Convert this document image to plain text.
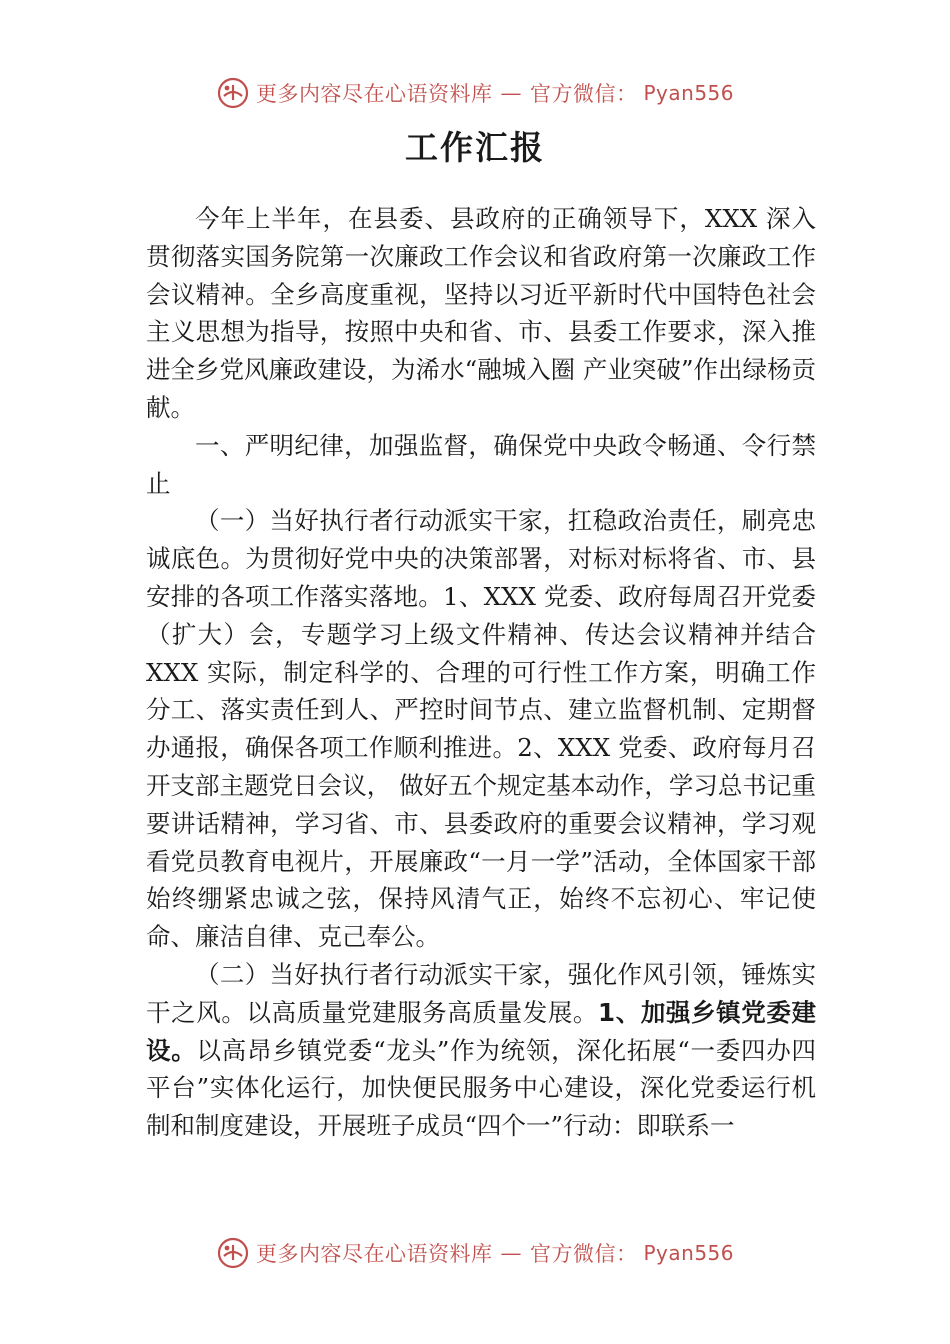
更多内容尽在心语资料库 — 官方微信： Pyan556
工作汇报

今年上半年，在县委、县政府的正确领导下，XXX 深入贯彻落实国务院第一次廉政工作会议和省政府第一次廉政工作会议精神。全乡高度重视，坚持以习近平新时代中国特色社会主义思想为指导，按照中央和省、市、县委工作要求，深入推进全乡党风廉政建设，为浠水“融城入圈 产业突破”作出绿杨贡献。

一、严明纪律，加强监督，确保党中央政令畅通、令行禁止

（一）当好执行者行动派实干家，扛稳政治责任，刷亮忠诚底色。为贯彻好党中央的决策部署，对标对标将省、市、县安排的各项工作落实落地。1、XXX 党委、政府每周召开党委（扩大）会，专题学习上级文件精神、传达会议精神并结合 XXX 实际，制定科学的、合理的可行性工作方案，明确工作分工、落实责任到人、严控时间节点、建立监督机制、定期督办通报，确保各项工作顺利推进。2、XXX 党委、政府每月召开支部主题党日会议， 做好五个规定基本动作，学习总书记重要讲话精神，学习省、市、县委政府的重要会议精神，学习观看党员教育电视片，开展廉政“一月一学”活动，全体国家干部始终绷紧忠诚之弦，保持风清气正，始终不忘初心、牢记使命、廉洁自律、克己奉公。

（二）当好执行者行动派实干家，强化作风引领，锤炼实干之风。以高质量党建服务高质量发展。1、加强乡镇党委建设。以高昂乡镇党委“龙头”作为统领，深化拓展“一委四办四平台”实体化运行，加快便民服务中心建设，深化党委运行机制和制度建设，开展班子成员“四个一”行动：即联系一

更多内容尽在心语资料库 — 官方微信： Pyan556
